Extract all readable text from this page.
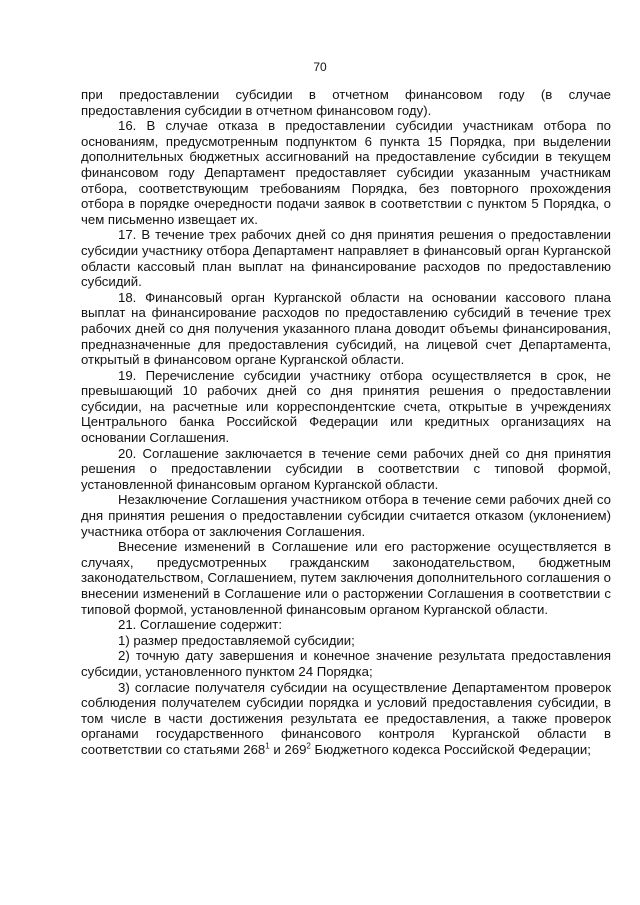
70

при предоставлении субсидии в отчетном финансовом году (в случае предоставления субсидии в отчетном финансовом году).

16. В случае отказа в предоставлении субсидии участникам отбора по основаниям, предусмотренным подпунктом 6 пункта 15 Порядка, при выделении дополнительных бюджетных ассигнований на предоставление субсидии в текущем финансовом году Департамент предоставляет субсидии указанным участникам отбора, соответствующим требованиям Порядка, без повторного прохождения отбора в порядке очередности подачи заявок в соответствии с пунктом 5 Порядка, о чем письменно извещает их.

17. В течение трех рабочих дней со дня принятия решения о предоставлении субсидии участнику отбора Департамент направляет в финансовый орган Курганской области кассовый план выплат на финансирование расходов по предоставлению субсидий.

18. Финансовый орган Курганской области на основании кассового плана выплат на финансирование расходов по предоставлению субсидий в течение трех рабочих дней со дня получения указанного плана доводит объемы финансирования, предназначенные для предоставления субсидий, на лицевой счет Департамента, открытый в финансовом органе Курганской области.

19. Перечисление субсидии участнику отбора осуществляется в срок, не превышающий 10 рабочих дней со дня принятия решения о предоставлении субсидии, на расчетные или корреспондентские счета, открытые в учреждениях Центрального банка Российской Федерации или кредитных организациях на основании Соглашения.

20. Соглашение заключается в течение семи рабочих дней со дня принятия решения о предоставлении субсидии в соответствии с типовой формой, установленной финансовым органом Курганской области.

Незаключение Соглашения участником отбора в течение семи рабочих дней со дня принятия решения о предоставлении субсидии считается отказом (уклонением) участника отбора от заключения Соглашения.

Внесение изменений в Соглашение или его расторжение осуществляется в случаях, предусмотренных гражданским законодательством, бюджетным законодательством, Соглашением, путем заключения дополнительного соглашения о внесении изменений в Соглашение или о расторжении Соглашения в соответствии с типовой формой, установленной финансовым органом Курганской области.

21. Соглашение содержит:

1) размер предоставляемой субсидии;

2) точную дату завершения и конечное значение результата предоставления субсидии, установленного пунктом 24 Порядка;

3) согласие получателя субсидии на осуществление Департаментом проверок соблюдения получателем субсидии порядка и условий предоставления субсидии, в том числе в части достижения результата ее предоставления, а также проверок органами государственного финансового контроля Курганской области в соответствии со статьями $268^1$ и $269^2$ Бюджетного кодекса Российской Федерации;
